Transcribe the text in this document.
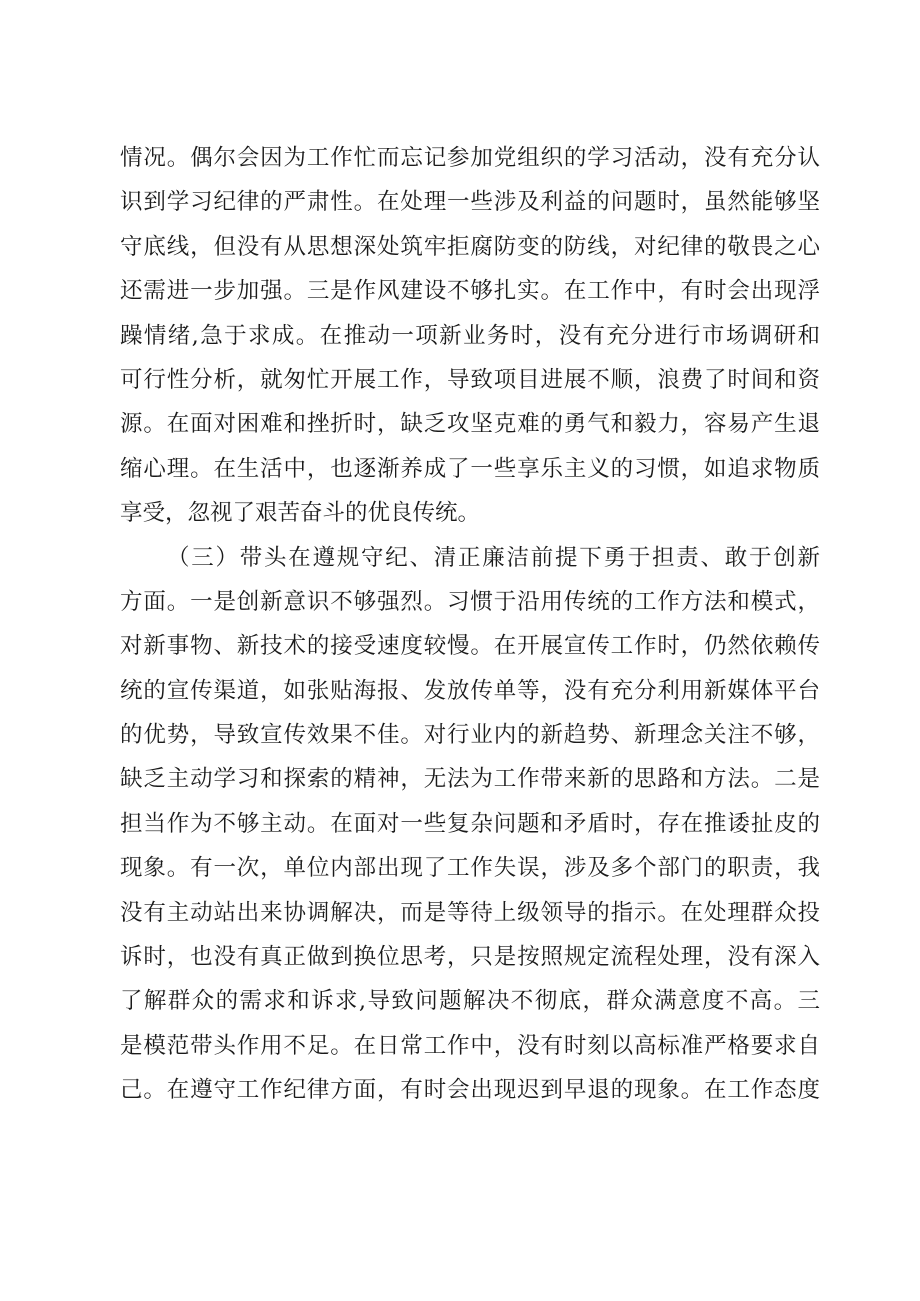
情况。偶尔会因为工作忙而忘记参加党组织的学习活动，没有充分认
识到学习纪律的严肃性。在处理一些涉及利益的问题时，虽然能够坚
守底线，但没有从思想深处筑牢拒腐防变的防线，对纪律的敬畏之心
还需进一步加强。三是作风建设不够扎实。在工作中，有时会出现浮
躁情绪,急于求成。在推动一项新业务时，没有充分进行市场调研和
可行性分析，就匆忙开展工作，导致项目进展不顺，浪费了时间和资
源。在面对困难和挫折时，缺乏攻坚克难的勇气和毅力，容易产生退
缩心理。在生活中，也逐渐养成了一些享乐主义的习惯，如追求物质
享受，忽视了艰苦奋斗的优良传统。
（三）带头在遵规守纪、清正廉洁前提下勇于担责、敢于创新
方面。一是创新意识不够强烈。习惯于沿用传统的工作方法和模式，
对新事物、新技术的接受速度较慢。在开展宣传工作时，仍然依赖传
统的宣传渠道，如张贴海报、发放传单等，没有充分利用新媒体平台
的优势，导致宣传效果不佳。对行业内的新趋势、新理念关注不够，
缺乏主动学习和探索的精神，无法为工作带来新的思路和方法。二是
担当作为不够主动。在面对一些复杂问题和矛盾时，存在推诿扯皮的
现象。有一次，单位内部出现了工作失误，涉及多个部门的职责，我
没有主动站出来协调解决，而是等待上级领导的指示。在处理群众投
诉时，也没有真正做到换位思考，只是按照规定流程处理，没有深入
了解群众的需求和诉求,导致问题解决不彻底，群众满意度不高。三
是模范带头作用不足。在日常工作中，没有时刻以高标准严格要求自
己。在遵守工作纪律方面，有时会出现迟到早退的现象。在工作态度
